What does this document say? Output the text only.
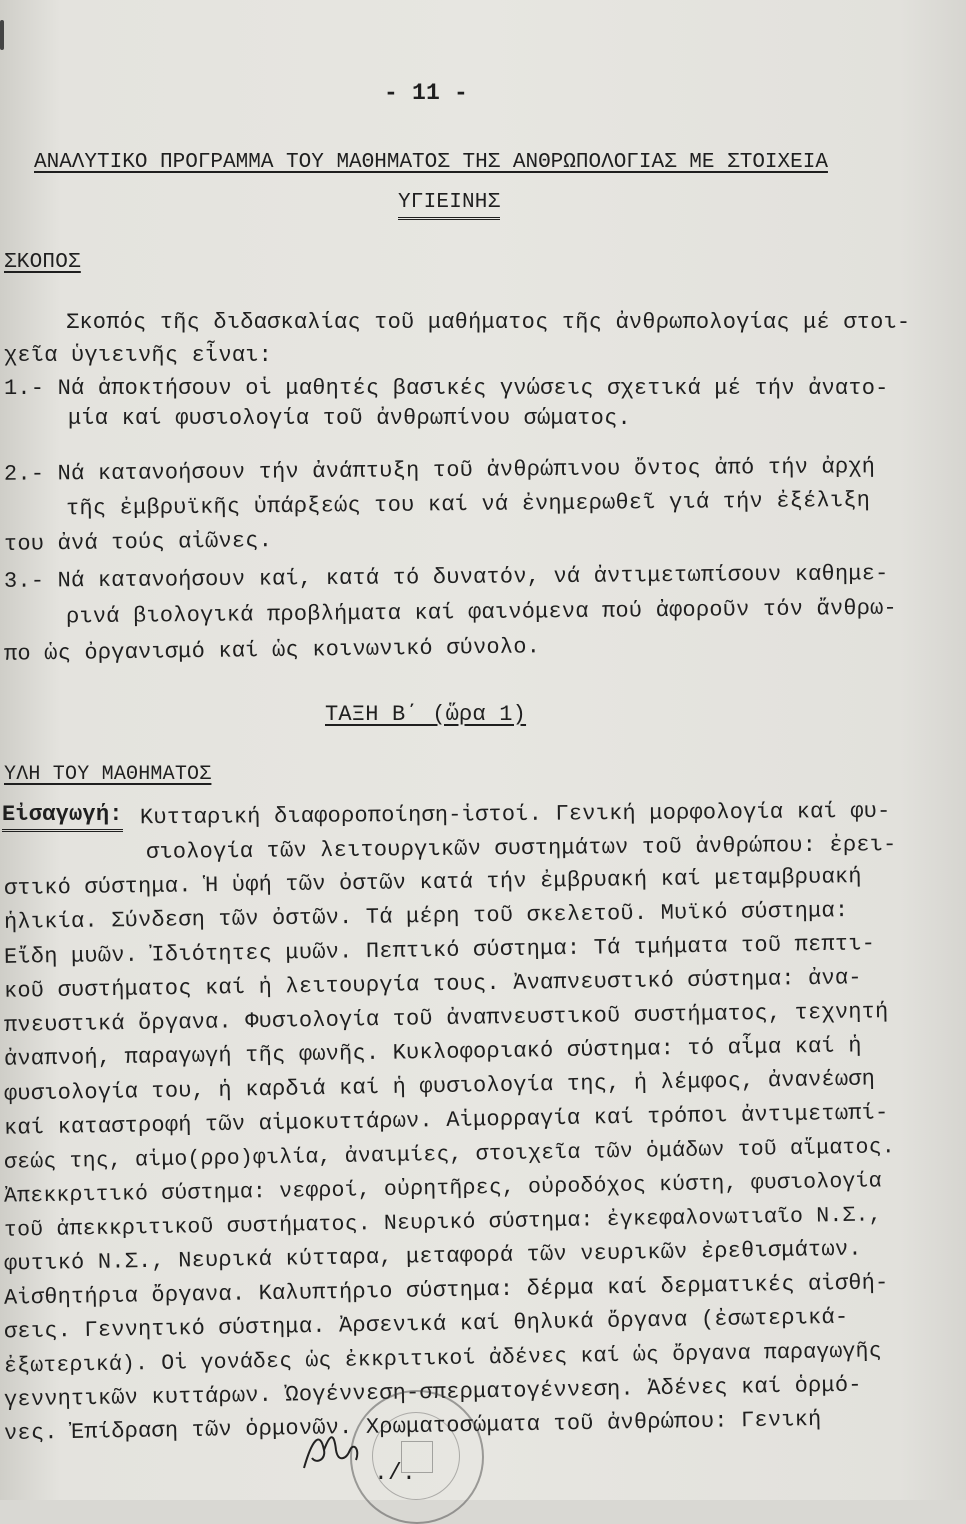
- 11 -
ΑΝΑΛΥΤΙΚΟ ΠΡΟΓΡΑΜΜΑ ΤΟΥ ΜΑΘΗΜΑΤΟΣ ΤΗΣ ΑΝΘΡΩΠΟΛΟΓΙΑΣ ΜΕ ΣΤΟΙΧΕΙΑ
ΥΓΙΕΙΝΗΣ
ΣΚΟΠΟΣ
Σκοπός τῆς διδασκαλίας τοῦ μαθήματος τῆς ἀνθρωπολογίας μέ στοι-
χεῖα ὑγιεινῆς εἶναι:
1.- Νά ἀποκτήσουν οἱ μαθητές βασικές γνώσεις σχετικά μέ τήν ἀνατο-
μία καί φυσιολογία τοῦ ἀνθρωπίνου σώματος.
2.- Νά κατανοήσουν τήν ἀνάπτυξη τοῦ ἀνθρώπινου ὄντος ἀπό τήν ἀρχή
τῆς ἐμβρυϊκῆς ὑπάρξεώς του καί νά ἐνημερωθεῖ γιά τήν ἐξέλιξη
του ἀνά τούς αἰῶνες.
3.- Νά κατανοήσουν καί, κατά τό δυνατόν, νά ἀντιμετωπίσουν καθημε-
ρινά βιολογικά προβλήματα καί φαινόμενα πού ἀφοροῦν τόν ἄνθρω-
πο ὡς ὀργανισμό καί ὡς κοινωνικό σύνολο.
ΤΑΞΗ Β΄ (ὥρα 1)
ΥΛΗ ΤΟΥ ΜΑΘΗΜΑΤΟΣ
Εἰσαγωγή: Κυτταρική διαφοροποίηση-ἱστοί. Γενική μορφολογία καί φυ-
σιολογία τῶν λειτουργικῶν συστημάτων τοῦ ἀνθρώπου: ἐρει-
στικό σύστημα. Ἡ ὑφή τῶν ὀστῶν κατά τήν ἐμβρυακή καί μεταμβρυακή
ἡλικία. Σύνδεση τῶν ὀστῶν. Τά μέρη τοῦ σκελετοῦ. Μυϊκό σύστημα:
Εἴδη μυῶν. Ἰδιότητες μυῶν. Πεπτικό σύστημα: Τά τμήματα τοῦ πεπτι-
κοῦ συστήματος καί ἡ λειτουργία τους. Ἀναπνευστικό σύστημα: ἀνα-
πνευστικά ὄργανα. Φυσιολογία τοῦ ἀναπνευστικοῦ συστήματος, τεχνητή
ἀναπνοή, παραγωγή τῆς φωνῆς. Κυκλοφοριακό σύστημα: τό αἷμα καί ἡ
φυσιολογία του, ἡ καρδιά καί ἡ φυσιολογία της, ἡ λέμφος, ἀνανέωση
καί καταστροφή τῶν αἱμοκυττάρων. Αἱμορραγία καί τρόποι ἀντιμετωπί-
σεώς της, αἱμο(ρρο)φιλία, ἀναιμίες, στοιχεῖα τῶν ὁμάδων τοῦ αἵματος.
Ἀπεκκριτικό σύστημα: νεφροί, οὐρητῆρες, οὐροδόχος κύστη, φυσιολογία
τοῦ ἀπεκκριτικοῦ συστήματος. Νευρικό σύστημα: ἐγκεφαλονωτιαῖο Ν.Σ.,
φυτικό Ν.Σ., Νευρικά κύτταρα, μεταφορά τῶν νευρικῶν ἐρεθισμάτων.
Αἰσθητήρια ὄργανα. Καλυπτήριο σύστημα: δέρμα καί δερματικές αἰσθή-
σεις. Γεννητικό σύστημα. Ἀρσενικά καί θηλυκά ὄργανα (ἐσωτερικά-
ἐξωτερικά). Οἱ γονάδες ὡς ἐκκριτικοί ἀδένες καί ὡς ὄργανα παραγωγῆς
γεννητικῶν κυττάρων. Ὠογέννεση-σπερματογέννεση. Ἀδένες καί ὁρμό-
νες. Ἐπίδραση τῶν ὁρμονῶν. Χρωματοσώματα τοῦ ἀνθρώπου: Γενική
./.
